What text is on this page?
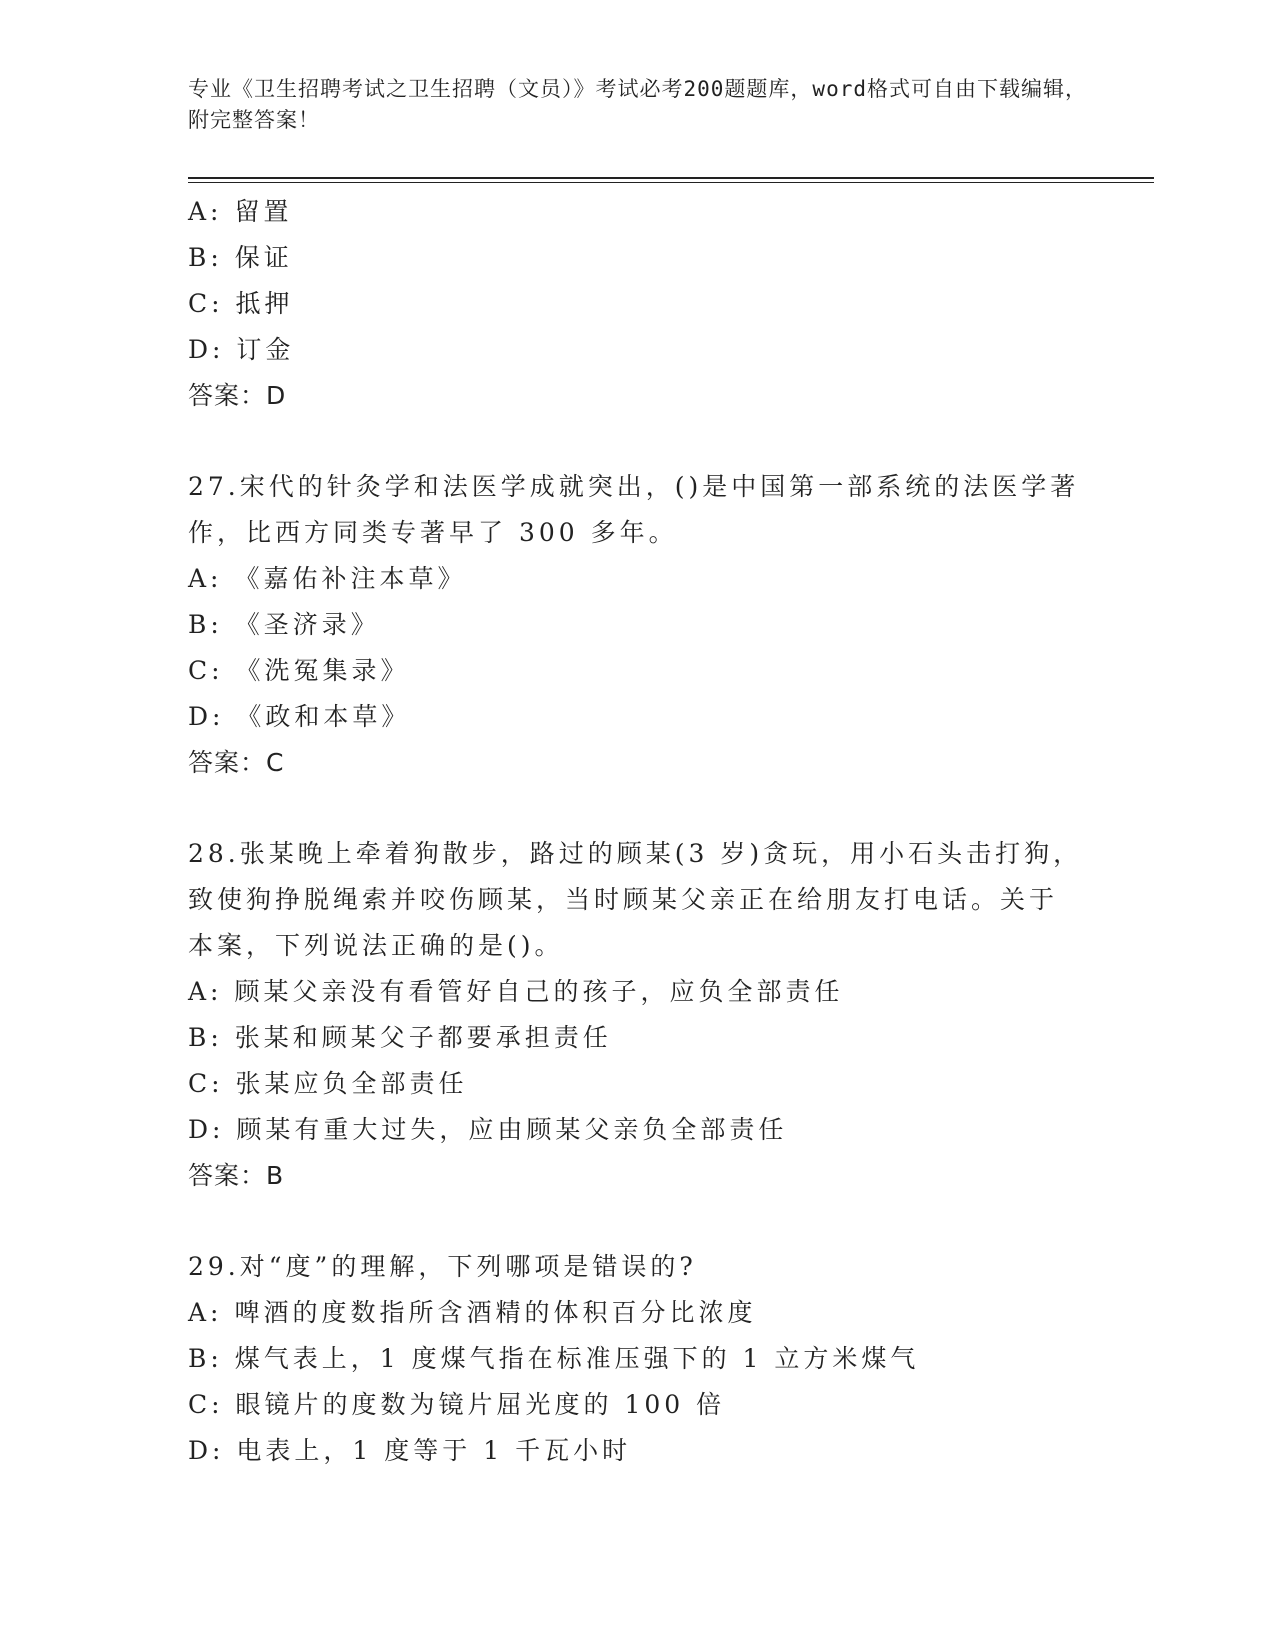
专业《卫生招聘考试之卫生招聘（文员）》考试必考200题题库，word格式可自由下载编辑，附完整答案！
A: 留置
B: 保证
C: 抵押
D: 订金
答案：D
27.宋代的针灸学和法医学成就突出，()是中国第一部系统的法医学著
作，比西方同类专著早了 300 多年。
A: 《嘉佑补注本草》
B: 《圣济录》
C: 《洗冤集录》
D: 《政和本草》
答案：C
28.张某晚上牵着狗散步，路过的顾某(3 岁)贪玩，用小石头击打狗，
致使狗挣脱绳索并咬伤顾某，当时顾某父亲正在给朋友打电话。关于
本案，下列说法正确的是()。
A: 顾某父亲没有看管好自己的孩子，应负全部责任
B: 张某和顾某父子都要承担责任
C: 张某应负全部责任
D: 顾某有重大过失，应由顾某父亲负全部责任
答案：B
29.对“度”的理解，下列哪项是错误的?
A: 啤酒的度数指所含酒精的体积百分比浓度
B: 煤气表上，1 度煤气指在标准压强下的 1 立方米煤气
C: 眼镜片的度数为镜片屈光度的 100 倍
D: 电表上，1 度等于 1 千瓦小时
